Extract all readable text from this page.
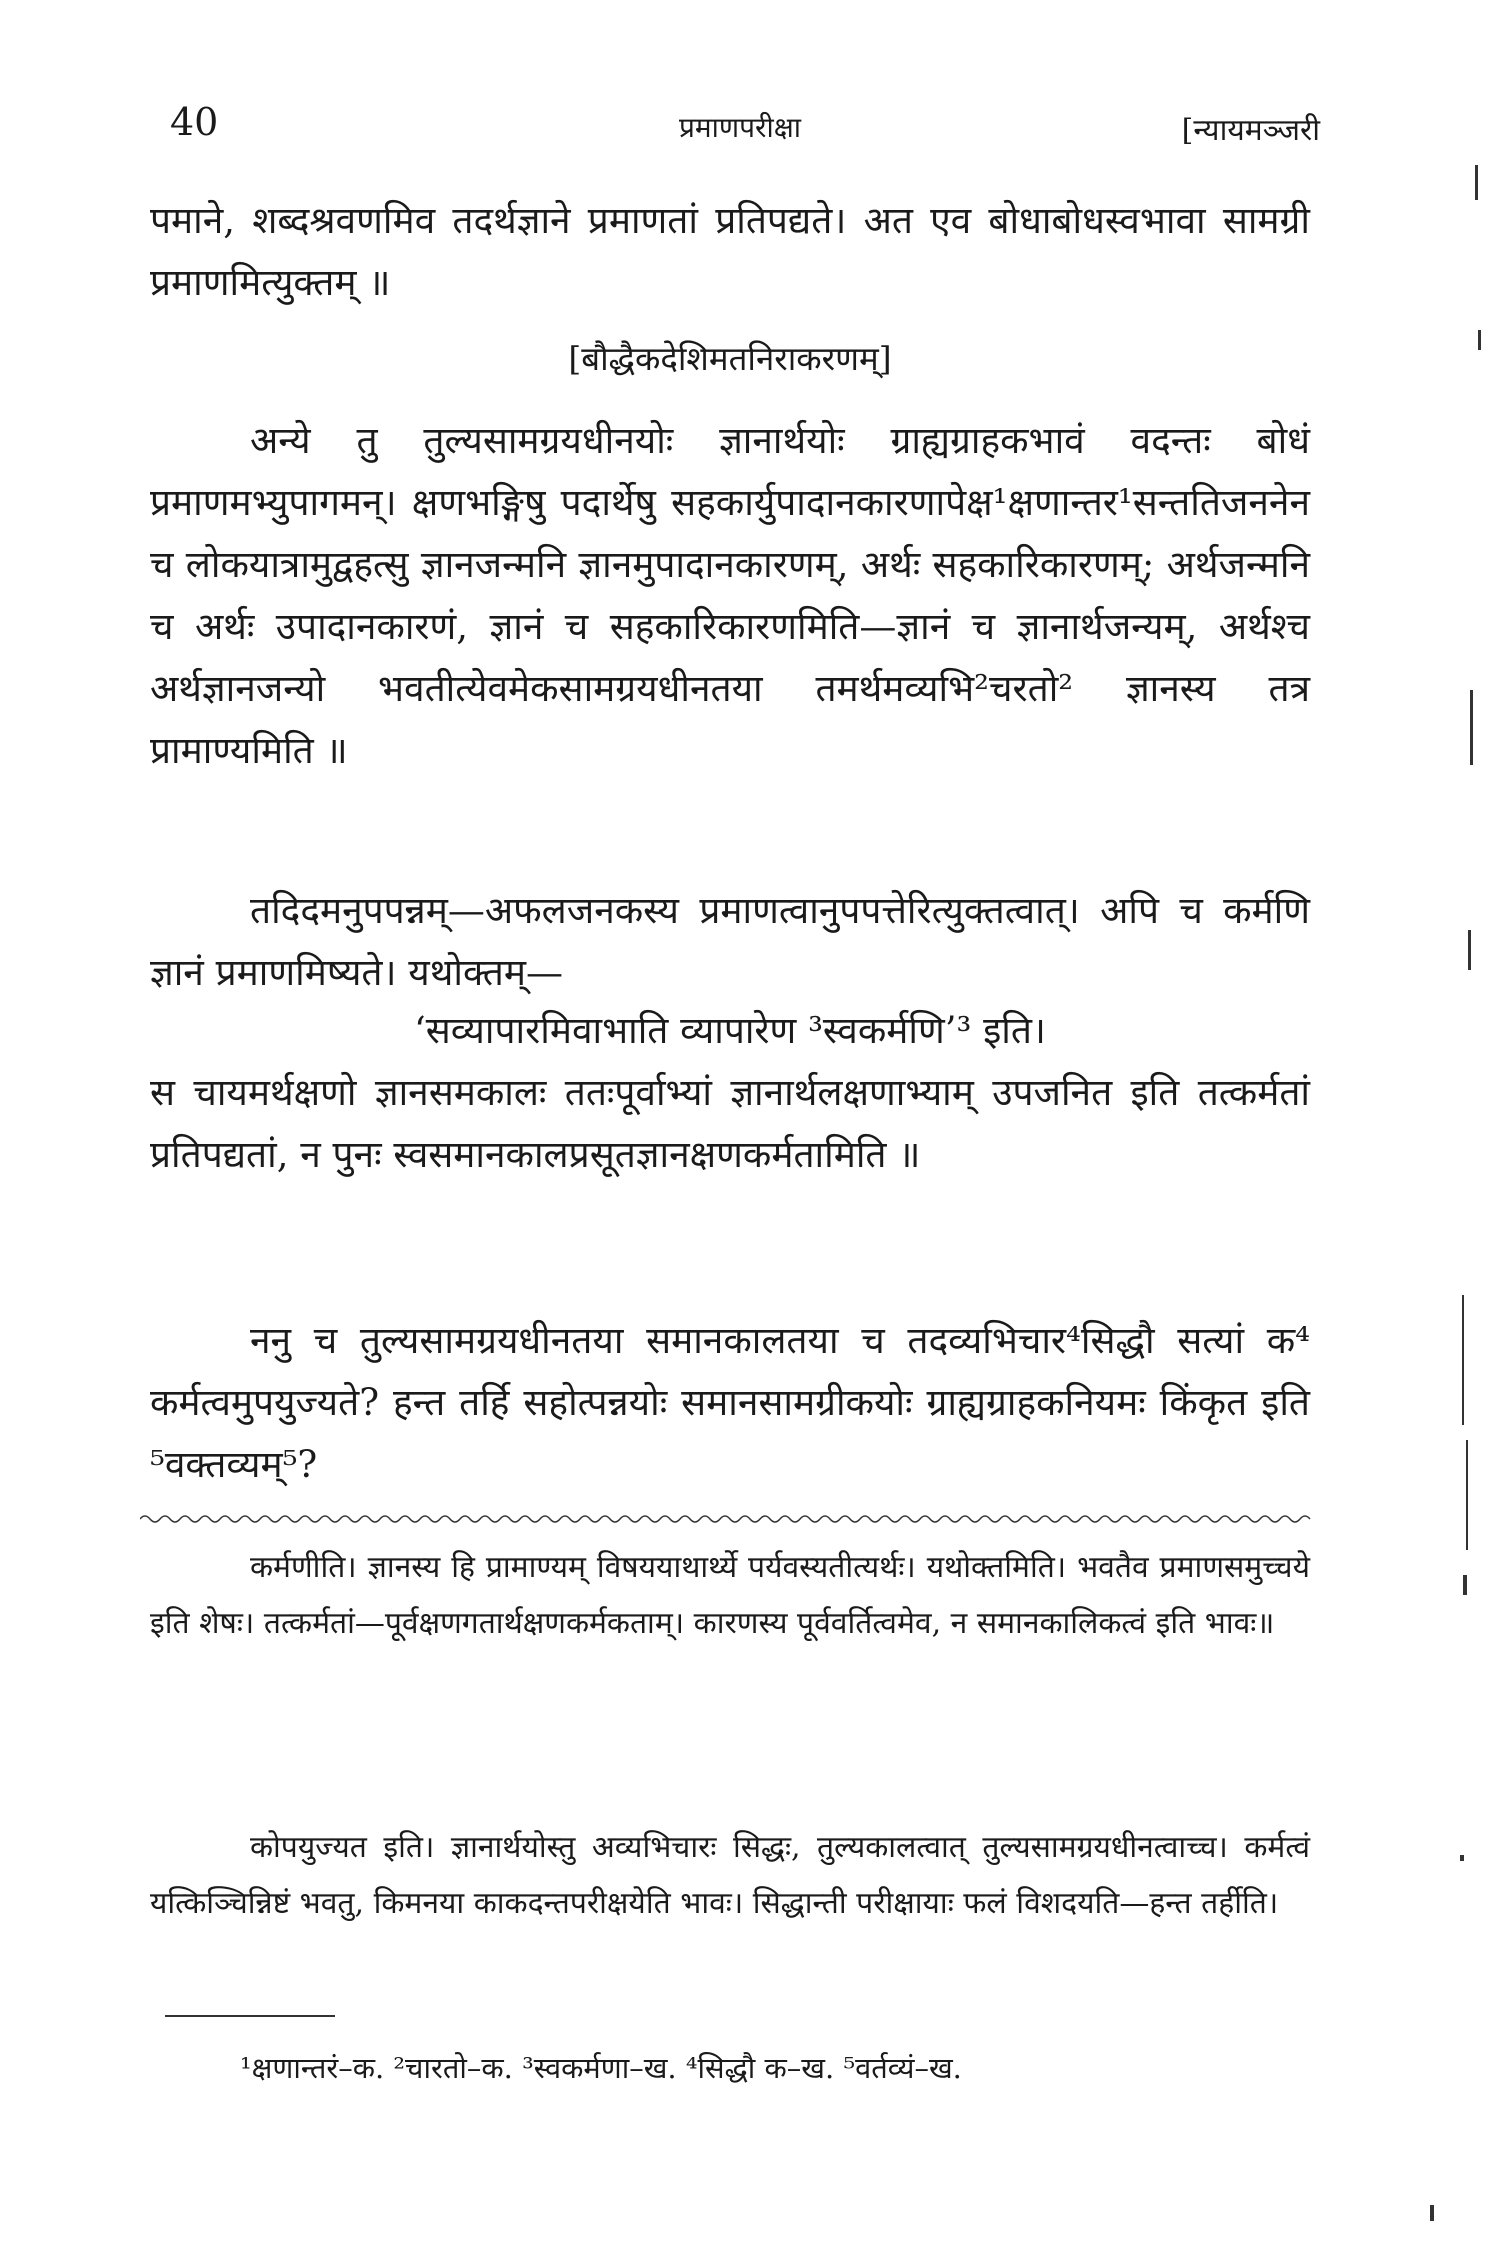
40	प्रमाणपरीक्षा	[न्यायमञ्जरी

पमाने, शब्दश्रवणमिव तदर्थज्ञाने प्रमाणतां प्रतिपद्यते। अत एव बोधाबोधस्वभावा सामग्री प्रमाणमित्युक्तम् ॥

[बौद्धैकदेशिमतनिराकरणम्]

अन्ये तु तुल्यसामग्रयधीनयोः ज्ञानार्थयोः ग्राह्यग्राहकभावं वदन्तः बोधं प्रमाणमभ्युपागमन्। क्षणभङ्गिषु पदार्थेषु सहकार्युपादानकारणापेक्ष¹क्षणान्तर¹सन्ततिजननेन च लोकयात्रामुद्वहत्सु ज्ञानजन्मनि ज्ञानमुपादानकारणम्, अर्थः सहकारिकारणम्; अर्थजन्मनि च अर्थः उपादानकारणं, ज्ञानं च सहकारिकारणमिति—ज्ञानं च ज्ञानार्थजन्यम्, अर्थश्च अर्थज्ञानजन्यो भवतीत्येवमेकसामग्रयधीनतया तमर्थमव्यभि²चरतो² ज्ञानस्य तत्र प्रामाण्यमिति ॥

तदिदमनुपपन्नम्—अफलजनकस्य प्रमाणत्वानुपपत्तेरित्युक्तत्वात्। अपि च कर्मणि ज्ञानं प्रमाणमिष्यते। यथोक्तम्—

‘सव्यापारमिवाभाति व्यापारेण ³स्वकर्मणि’³ इति।

स चायमर्थक्षणो ज्ञानसमकालः ततःपूर्वाभ्यां ज्ञानार्थलक्षणाभ्याम् उपजनित इति तत्कर्मतां प्रतिपद्यतां, न पुनः स्वसमानकालप्रसूतज्ञानक्षणकर्मतामिति ॥

ननु च तुल्यसामग्रयधीनतया समानकालतया च तदव्यभिचार⁴सिद्धौ सत्यां क⁴ कर्मत्वमुपयुज्यते? हन्त तर्हि सहोत्पन्नयोः समानसामग्रीकयोः ग्राह्यग्राहकनियमः किंकृत इति ⁵वक्तव्यम्⁵?

कर्मणीति। ज्ञानस्य हि प्रामाण्यम् विषययाथार्थ्ये पर्यवस्यतीत्यर्थः। यथोक्तमिति। भवतैव प्रमाणसमुच्चये इति शेषः। तत्कर्मतां—पूर्वक्षणगतार्थक्षणकर्मकताम्। कारणस्य पूर्ववर्तित्वमेव, न समानकालिकत्वं इति भावः॥

कोपयुज्यत इति। ज्ञानार्थयोस्तु अव्यभिचारः सिद्धः, तुल्यकालत्वात् तुल्यसामग्रयधीनत्वाच्च। कर्मत्वं यत्किञ्चिन्निष्टं भवतु, किमनया काकदन्तपरीक्षयेति भावः। सिद्धान्ती परीक्षायाः फलं विशदयति—हन्त तर्हीति।

¹क्षणान्तरं–क. ²चारतो–क. ³स्वकर्मणा–ख. ⁴सिद्धौ क–ख. ⁵वर्तव्यं–ख.
